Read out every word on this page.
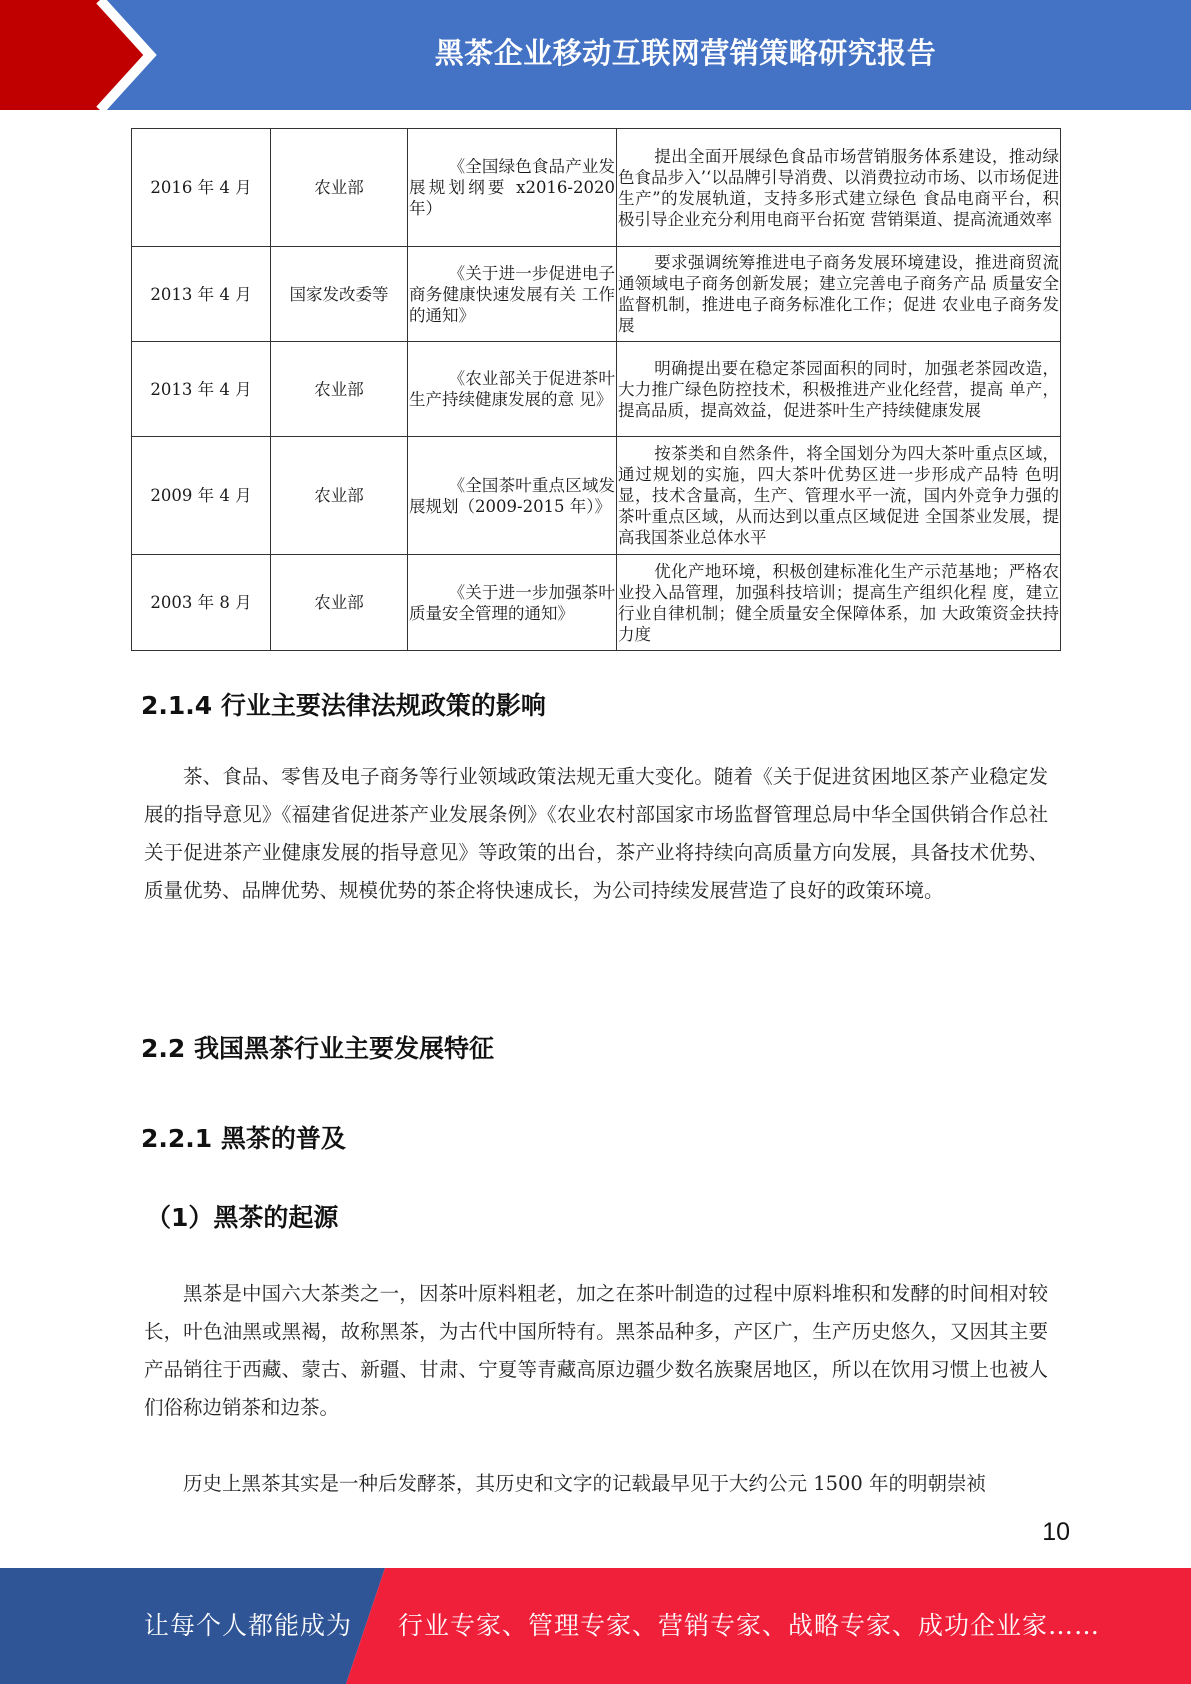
黑茶企业移动互联网营销策略研究报告
2016 年 4 月	农业部	《全国绿色食品产业发 展规划纲要 x2016-2020 年）	提出全面开展绿色食品市场营销服务体系建设，推动绿色食品步入’‘以品牌引导消费、以消费拉动市场、以市场促进生产”的发展轨道，支持多形式建立绿色 食品电商平台，积极引导企业充分利用电商平台拓宽 营销渠道、提高流通效率
2013 年 4 月	国家发改委等	《关于进一步促进电子 商务健康快速发展有关 工作的通知》	要求强调统筹推进电子商务发展环境建设，推进商贸流通领域电子商务创新发展；建立完善电子商务产品 质量安全监督机制，推进电子商务标准化工作；促进 农业电子商务发展
2013 年 4 月	农业部	《农业部关于促进茶叶 生产持续健康发展的意 见》	明确提出要在稳定茶园面积的同时，加强老茶园改造， 大力推广绿色防控技术，积极推进产业化经营，提高 单产，提高品质，提高效益，促进茶叶生产持续健康发展
2009 年 4 月	农业部	《全国茶叶重点区域发 展规划（2009-2015 年）》	按茶类和自然条件，将全国划分为四大茶叶重点区域， 通过规划的实施，四大茶叶优势区进一步形成产品特 色明显，技术含量高，生产、管理水平一流，国内外竞争力强的茶叶重点区域，从而达到以重点区域促进 全国茶业发展，提高我国茶业总体水平
2003 年 8 月	农业部	《关于进一步加强茶叶 质量安全管理的通知》	优化产地环境，积极创建标准化生产示范基地；严格农业投入品管理，加强科技培训；提高生产组织化程 度，建立行业自律机制；健全质量安全保障体系，加 大政策资金扶持力度
2.1.4 行业主要法律法规政策的影响

茶、食品、零售及电子商务等行业领域政策法规无重大变化。随着《关于促进贫困地区茶产业稳定发展的指导意见》《福建省促进茶产业发展条例》《农业农村部国家市场监督管理总局中华全国供销合作总社关于促进茶产业健康发展的指导意见》等政策的出台，茶产业将持续向高质量方向发展，具备技术优势、质量优势、品牌优势、规模优势的茶企将快速成长，为公司持续发展营造了良好的政策环境。

2.2 我国黑茶行业主要发展特征
2.2.1 黑茶的普及
（1）黑茶的起源

黑茶是中国六大茶类之一，因茶叶原料粗老，加之在茶叶制造的过程中原料堆积和发酵的时间相对较长，叶色油黑或黑褐，故称黑茶，为古代中国所特有。黑茶品种多，产区广，生产历史悠久，又因其主要产品销往于西藏、蒙古、新疆、甘肃、宁夏等青藏高原边疆少数名族聚居地区，所以在饮用习惯上也被人们俗称边销茶和边茶。

历史上黑茶其实是一种后发酵茶，其历史和文字的记载最早见于大约公元 1500 年的明朝崇祯

10
让每个人都能成为 行业专家、管理专家、营销专家、战略专家、成功企业家……
